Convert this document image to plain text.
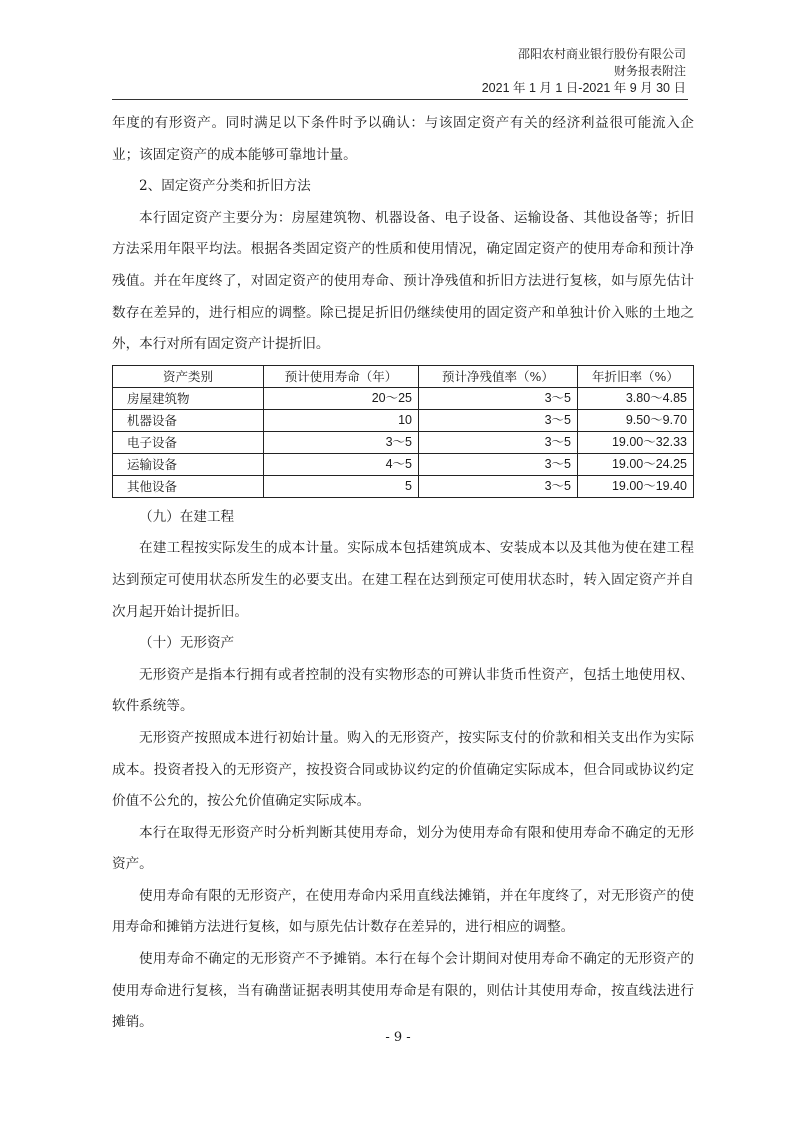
邵阳农村商业银行股份有限公司
财务报表附注
2021 年 1 月 1 日-2021 年 9 月 30 日

年度的有形资产。同时满足以下条件时予以确认：与该固定资产有关的经济利益很可能流入企业；该固定资产的成本能够可靠地计量。

2、固定资产分类和折旧方法

本行固定资产主要分为：房屋建筑物、机器设备、电子设备、运输设备、其他设备等；折旧方法采用年限平均法。根据各类固定资产的性质和使用情况，确定固定资产的使用寿命和预计净残值。并在年度终了，对固定资产的使用寿命、预计净残值和折旧方法进行复核，如与原先估计数存在差异的，进行相应的调整。除已提足折旧仍继续使用的固定资产和单独计价入账的土地之外，本行对所有固定资产计提折旧。

资产类别	预计使用寿命（年）	预计净残值率（%）	年折旧率（%）
房屋建筑物	20～25	3～5	3.80～4.85
机器设备	10	3～5	9.50～9.70
电子设备	3～5	3～5	19.00～32.33
运输设备	4～5	3～5	19.00～24.25
其他设备	5	3～5	19.00～19.40

（九）在建工程

在建工程按实际发生的成本计量。实际成本包括建筑成本、安装成本以及其他为使在建工程达到预定可使用状态所发生的必要支出。在建工程在达到预定可使用状态时，转入固定资产并自次月起开始计提折旧。

（十）无形资产

无形资产是指本行拥有或者控制的没有实物形态的可辨认非货币性资产，包括土地使用权、软件系统等。

无形资产按照成本进行初始计量。购入的无形资产，按实际支付的价款和相关支出作为实际成本。投资者投入的无形资产，按投资合同或协议约定的价值确定实际成本，但合同或协议约定价值不公允的，按公允价值确定实际成本。

本行在取得无形资产时分析判断其使用寿命，划分为使用寿命有限和使用寿命不确定的无形资产。

使用寿命有限的无形资产，在使用寿命内采用直线法摊销，并在年度终了，对无形资产的使用寿命和摊销方法进行复核，如与原先估计数存在差异的，进行相应的调整。

使用寿命不确定的无形资产不予摊销。本行在每个会计期间对使用寿命不确定的无形资产的使用寿命进行复核，当有确凿证据表明其使用寿命是有限的，则估计其使用寿命，按直线法进行摊销。

- 9 -
